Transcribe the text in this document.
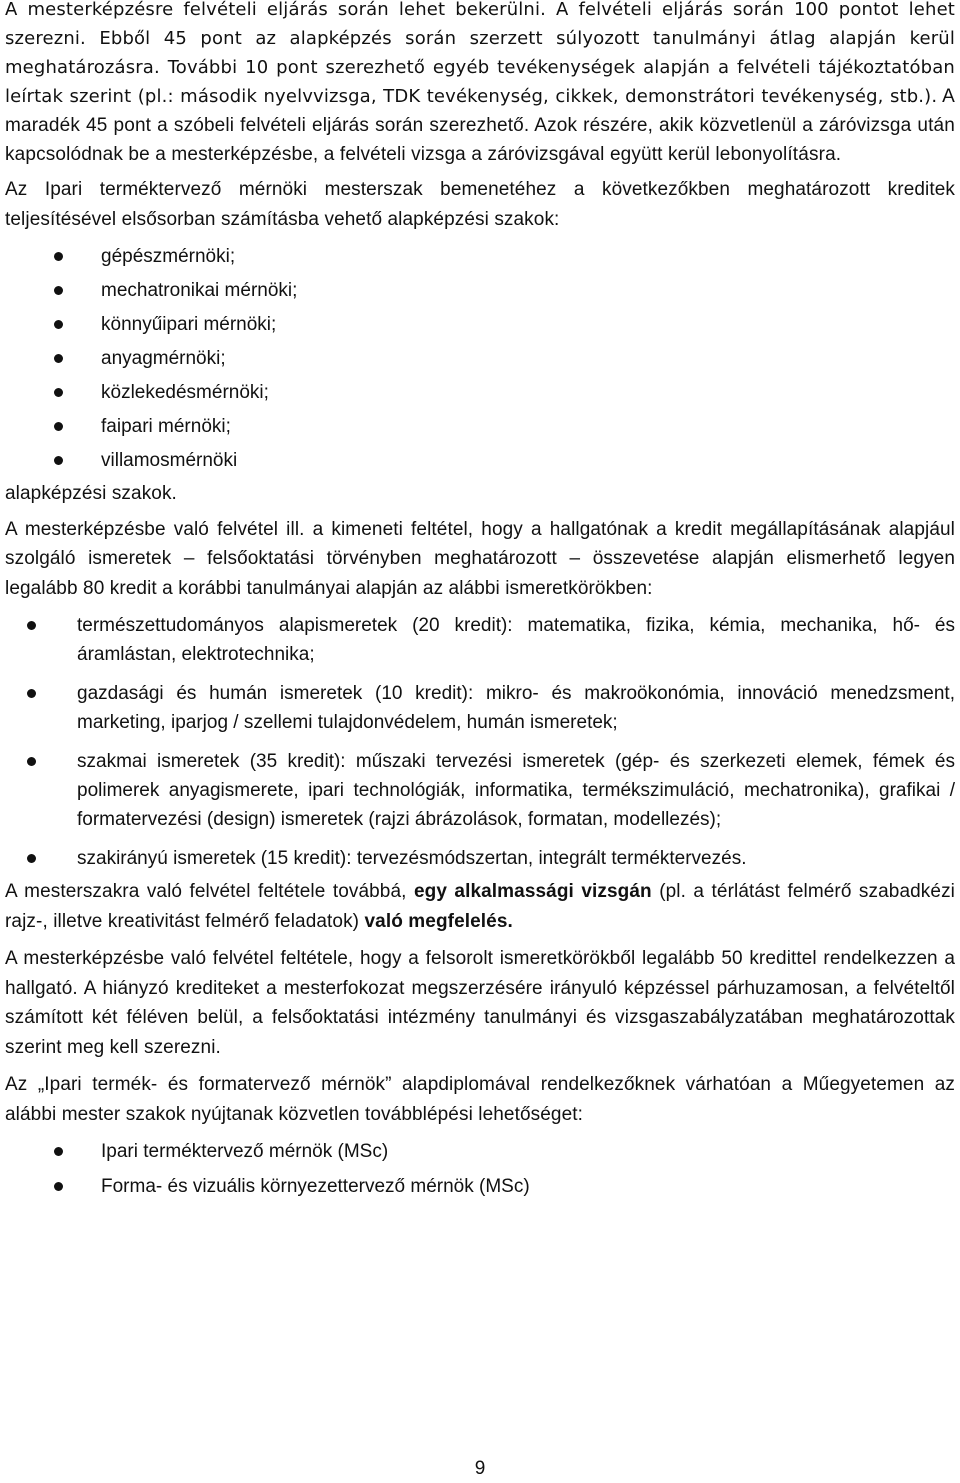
A mesterképzésre felvételi eljárás során lehet bekerülni. A felvételi eljárás során 100 pontot lehet szerezni. Ebből 45 pont az alapképzés során szerzett súlyozott tanulmányi átlag alapján kerül meghatározásra. További 10 pont szerezhető egyéb tevékenységek alapján a felvételi tájékoztatóban leírtak szerint (pl.: második nyelvvizsga, TDK tevékenység, cikkek, demonstrátori tevékenység, stb.). A maradék 45 pont a szóbeli felvételi eljárás során szerezhető. Azok részére, akik közvetlenül a záróvizsga után kapcsolódnak be a mesterképzésbe, a felvételi vizsga a záróvizsgával együtt kerül lebonyolításra.

Az Ipari terméktervező mérnöki mesterszak bemenetéhez a következőkben meghatározott kreditek teljesítésével elsősorban számításba vehető alapképzési szakok:

gépészmérnöki;
mechatronikai mérnöki;
könnyűipari mérnöki;
anyagmérnöki;
közlekedésmérnöki;
faipari mérnöki;
villamosmérnöki

alapképzési szakok.

A mesterképzésbe való felvétel ill. a kimeneti feltétel, hogy a hallgatónak a kredit megállapításának alapjául szolgáló ismeretek – felsőoktatási törvényben meghatározott – összevetése alapján elismerhető legyen legalább 80 kredit a korábbi tanulmányai alapján az alábbi ismeretkörökben:

természettudományos alapismeretek (20 kredit): matematika, fizika, kémia, mechanika, hő- és áramlástan, elektrotechnika;
gazdasági és humán ismeretek (10 kredit): mikro- és makroökonómia, innováció menedzsment, marketing, iparjog / szellemi tulajdonvédelem, humán ismeretek;
szakmai ismeretek (35 kredit): műszaki tervezési ismeretek (gép- és szerkezeti elemek, fémek és polimerek anyagismerete, ipari technológiák, informatika, termékszimuláció, mechatronika), grafikai / formatervezési (design) ismeretek (rajzi ábrázolások, formatan, modellezés);
szakirányú ismeretek (15 kredit): tervezésmódszertan, integrált terméktervezés.

A mesterszakra való felvétel feltétele továbbá, egy alkalmassági vizsgán (pl. a térlátást felmérő szabadkézi rajz-, illetve kreativitást felmérő feladatok) való megfelelés.

A mesterképzésbe való felvétel feltétele, hogy a felsorolt ismeretkörökből legalább 50 kredittel rendelkezzen a hallgató. A hiányzó krediteket a mesterfokozat megszerzésére irányuló képzéssel párhuzamosan, a felvételtől számított két féléven belül, a felsőoktatási intézmény tanulmányi és vizsgaszabályzatában meghatározottak szerint meg kell szerezni.

Az „Ipari termék- és formatervező mérnök” alapdiplomával rendelkezőknek várhatóan a Műegyetemen az alábbi mester szakok nyújtanak közvetlen továbblépési lehetőséget:

Ipari terméktervező mérnök (MSc)
Forma- és vizuális környezettervező mérnök (MSc)
9
